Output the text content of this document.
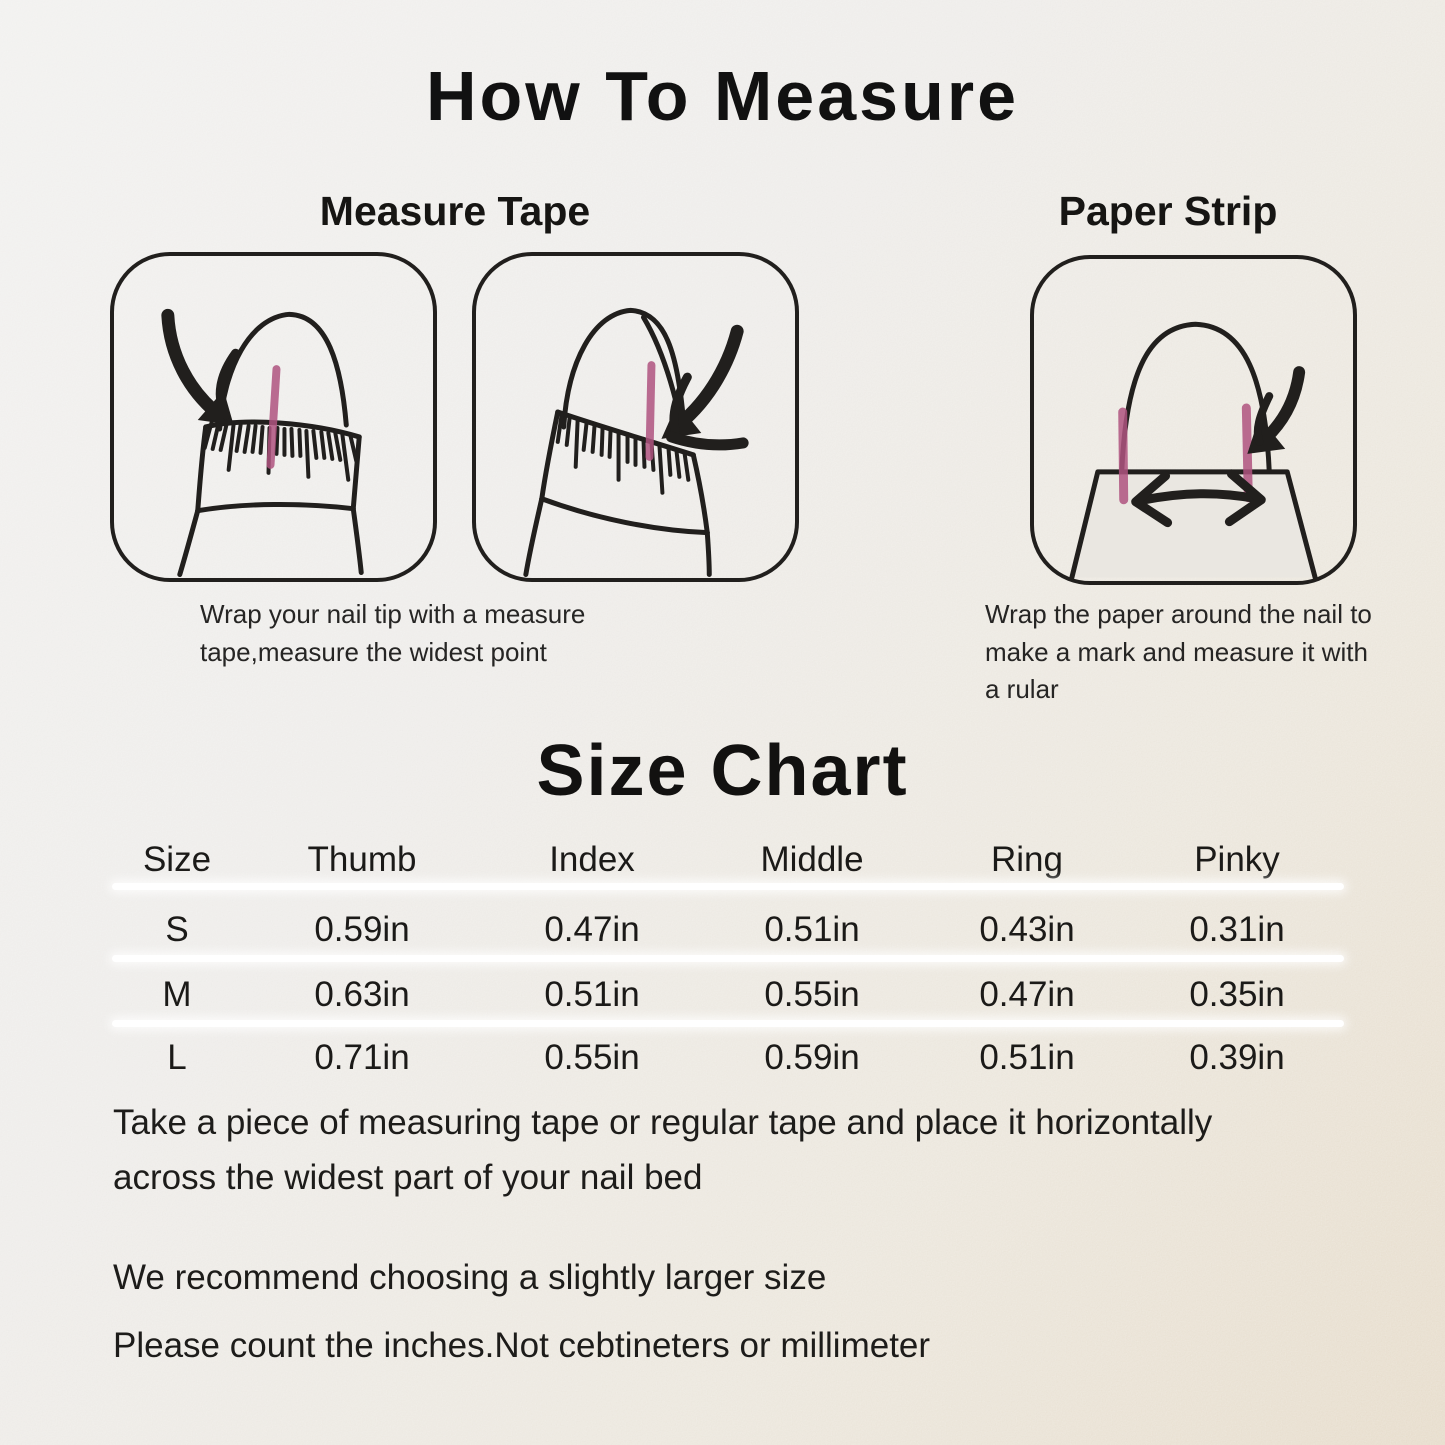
How To Measure
Measure Tape	Paper Strip
Wrap your nail tip with a measure tape,measure the widest point
Wrap the paper around the nail to make a mark and measure it with a rular
Size Chart
Size	Thumb	Index	Middle	Ring	Pinky
S	0.59in	0.47in	0.51in	0.43in	0.31in
M	0.63in	0.51in	0.55in	0.47in	0.35in
L	0.71in	0.55in	0.59in	0.51in	0.39in
Take a piece of measuring tape or regular tape and place it horizontally across the widest part of your nail bed
We recommend choosing a slightly larger size
Please count the inches.Not cebtineters or millimeter
